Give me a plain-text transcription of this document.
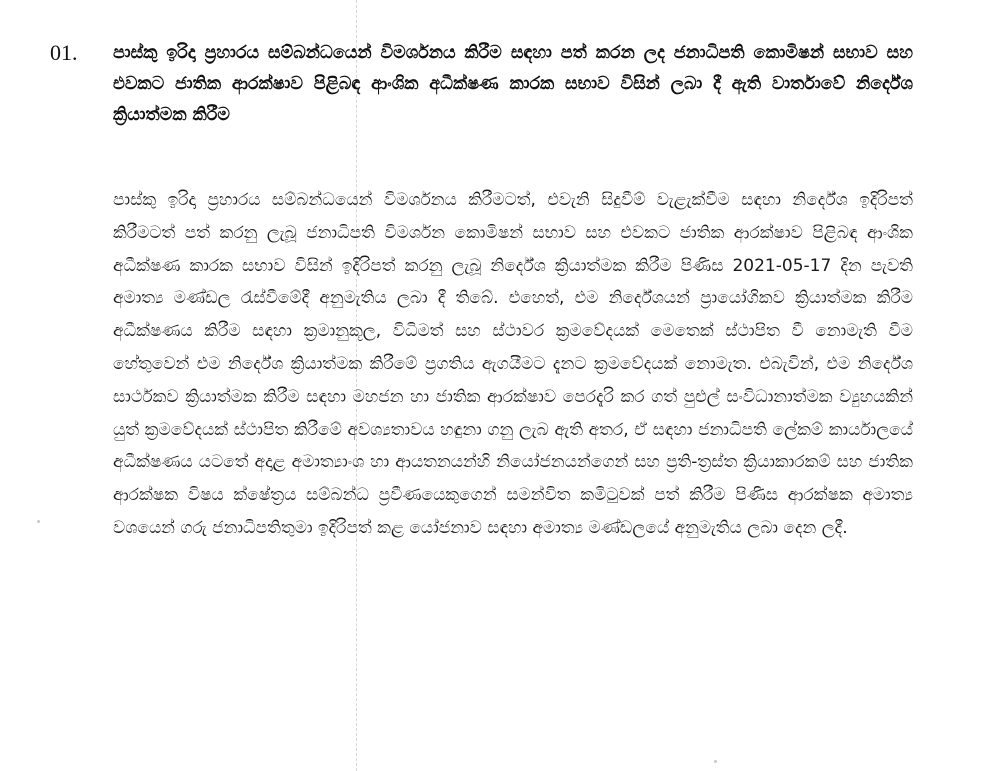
01. පාස්කු ඉරිදා ප්‍රහාරය සම්බන්ධයෙන් විමර්ශනය කිරීම සඳහා පත් කරන ලද ජනාධිපති කොමිෂන් සභාව සහ එවකට ජාතික ආරක්ෂාව පිළිබඳ ආංශික අධීක්ෂණ කාරක සභාව විසින් ලබා දී ඇති වාර්තාවේ නිර්දේශ ක්‍රියාත්මක කිරීම

පාස්කු ඉරිදා ප්‍රහාරය සම්බන්ධයෙන් විමර්ශනය කිරීමටත්, එවැනි සිදුවීම් වැළැක්වීම සඳහා නිර්දේශ ඉදිරිපත් කිරීමටත් පත් කරනු ලැබූ ජනාධිපති විමර්ශන කොමිෂන් සභාව සහ එවකට ජාතික ආරක්ෂාව පිළිබඳ ආංශික අධීක්ෂණ කාරක සභාව විසින් ඉදිරිපත් කරනු ලැබූ නිර්දේශ ක්‍රියාත්මක කිරීම පිණිස 2021-05-17 දින පැවති අමාත්‍ය මණ්ඩල රැස්වීමේදී අනුමැතිය ලබා දී තිබේ. එහෙත්, එම නිර්දේශයන් ප්‍රායෝගිකව ක්‍රියාත්මක කිරීම අධීක්ෂණය කිරීම සඳහා ක්‍රමානුකූල, විධිමත් සහ ස්ථාවර ක්‍රමවේදයක් මෙතෙක් ස්ථාපිත වී නොමැති වීම හේතුවෙන් එම නිර්දේශ ක්‍රියාත්මක කිරීමේ ප්‍රගතිය ඇගයීමට දැනට ක්‍රමවේදයක් නොමැත. එබැවින්, එම නිර්දේශ සාර්ථකව ක්‍රියාත්මක කිරීම සඳහා මහජන හා ජාතික ආරක්ෂාව පෙරදැරි කර ගත් පුළුල් සංවිධානාත්මක ව්‍යුහයකින් යුත් ක්‍රමවේදයක් ස්ථාපිත කිරීමේ අවශ්‍යතාවය හඳුනා ගනු ලැබ ඇති අතර, ඒ සඳහා ජනාධිපති ලේකම් කාර්යාලයේ අධීක්ෂණය යටතේ අදාළ අමාත්‍යාංශ හා ආයතනයන්හි නියෝජනයන්ගෙන් සහ ප්‍රති-ත්‍රස්ත ක්‍රියාකාරකම් සහ ජාතික ආරක්ෂක විෂය ක්ෂේත්‍රය සම්බන්ධ ප්‍රවීණයෙකුගෙන් සමන්විත කමිටුවක් පත් කිරීම පිණිස ආරක්ෂක අමාත්‍ය වශයෙන් ගරු ජනාධිපතිතුමා ඉදිරිපත් කළ යෝජනාව සඳහා අමාත්‍ය මණ්ඩලයේ අනුමැතිය ලබා දෙන ලදී.
